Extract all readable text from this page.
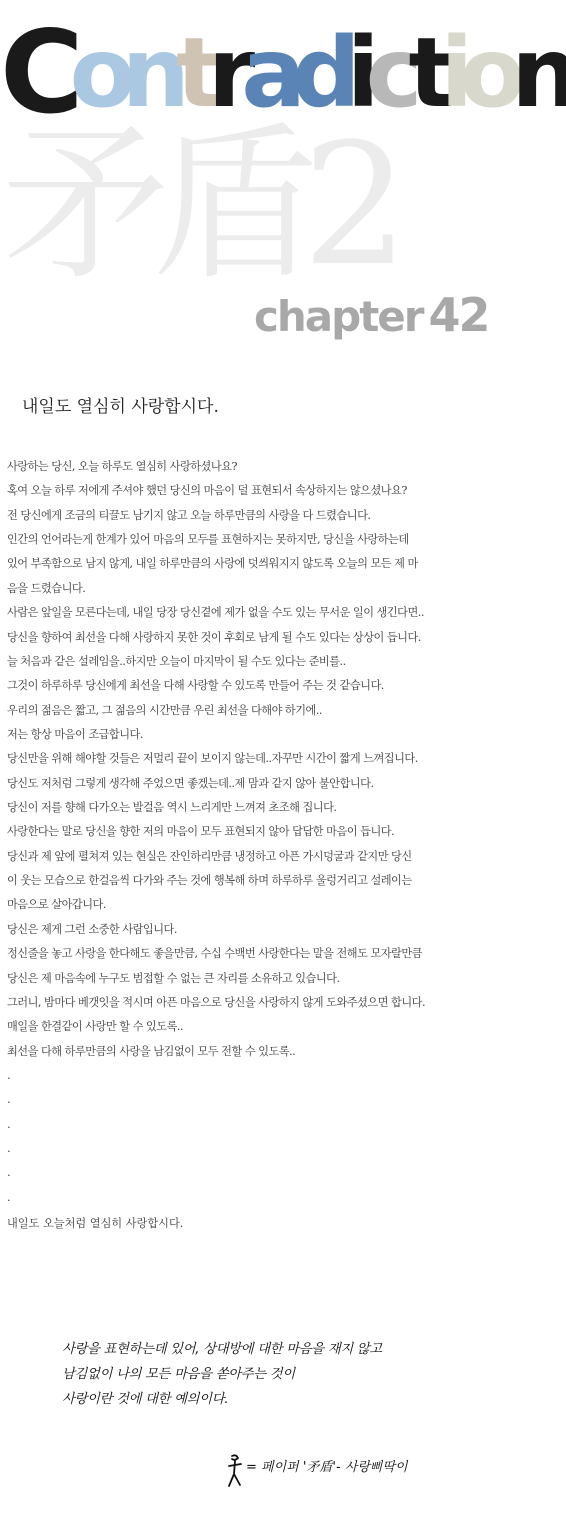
Contradiction
矛盾2
chapter 42
내일도 열심히 사랑합시다.
사랑하는 당신, 오늘 하루도 열심히 사랑하셨나요?
혹여 오늘 하루 저에게 주셔야 했던 당신의 마음이 덜 표현되서 속상하지는 않으셨나요?
전 당신에게 조금의 티끌도 남기지 않고 오늘 하루만큼의 사랑을 다 드렸습니다.
인간의 언어라는게 한계가 있어 마음의 모두를 표현하지는 못하지만, 당신을 사랑하는데
있어 부족함으로 남지 않게, 내일 하루만큼의 사랑에 덧씌워지지 않도록 오늘의 모든 제 마
음을 드렸습니다.
사람은 앞일을 모른다는데, 내일 당장 당신곁에 제가 없을 수도 있는 무서운 일이 생긴다면..
당신을 향하여 최선을 다해 사랑하지 못한 것이 후회로 남게 될 수도 있다는 상상이 듭니다.
늘 처음과 같은 설레임을..하지만 오늘이 마지막이 될 수도 있다는 준비를..
그것이 하루하루 당신에게 최선을 다해 사랑할 수 있도록 만들어 주는 것 같습니다.
우리의 젊음은 짧고, 그 젊음의 시간만큼 우린 최선을 다해야 하기에..
저는 항상 마음이 조급합니다.
당신만을 위해 해야할 것들은 저멀리 끝이 보이지 않는데..자꾸만 시간이 짧게 느껴집니다.
당신도 저처럼 그렇게 생각해 주었으면 좋겠는데..제 맘과 같지 않아 불안합니다.
당신이 저를 향해 다가오는 발걸음 역시 느리게만 느껴져 초조해 집니다.
사랑한다는 말로 당신을 향한 저의 마음이 모두 표현되지 않아 답답한 마음이 듭니다.
당신과 제 앞에 펼쳐져 있는 현실은 잔인하리만큼 냉정하고 아픈 가시덩굴과 같지만 당신
이 웃는 모습으로 한걸음씩 다가와 주는 것에 행복해 하며 하루하루 울렁거리고 설레이는
마음으로 살아갑니다.
당신은 제게 그런 소중한 사람입니다.
정신줄을 놓고 사랑을 한다해도 좋을만큼, 수십 수백번 사랑한다는 말을 전해도 모자랄만큼
당신은 제 마음속에 누구도 범접할 수 없는 큰 자리를 소유하고 있습니다.
그러니, 밤마다 베갯잇을 적시며 아픈 마음으로 당신을 사랑하지 않게 도와주셨으면 합니다.
매일을 한결같이 사랑만 할 수 있도록..
최선을 다해 하루만큼의 사랑을 남김없이 모두 전할 수 있도록..
.
.
.
.
.
.
내일도 오늘처럼 열심히 사랑합시다.
사랑을 표현하는데 있어, 상대방에 대한 마음을 재지 않고
남김없이 나의 모든 마음을 쏟아주는 것이
사랑이란 것에 대한 예의이다.
= 페이퍼 '矛盾'- 사랑삐딱이
